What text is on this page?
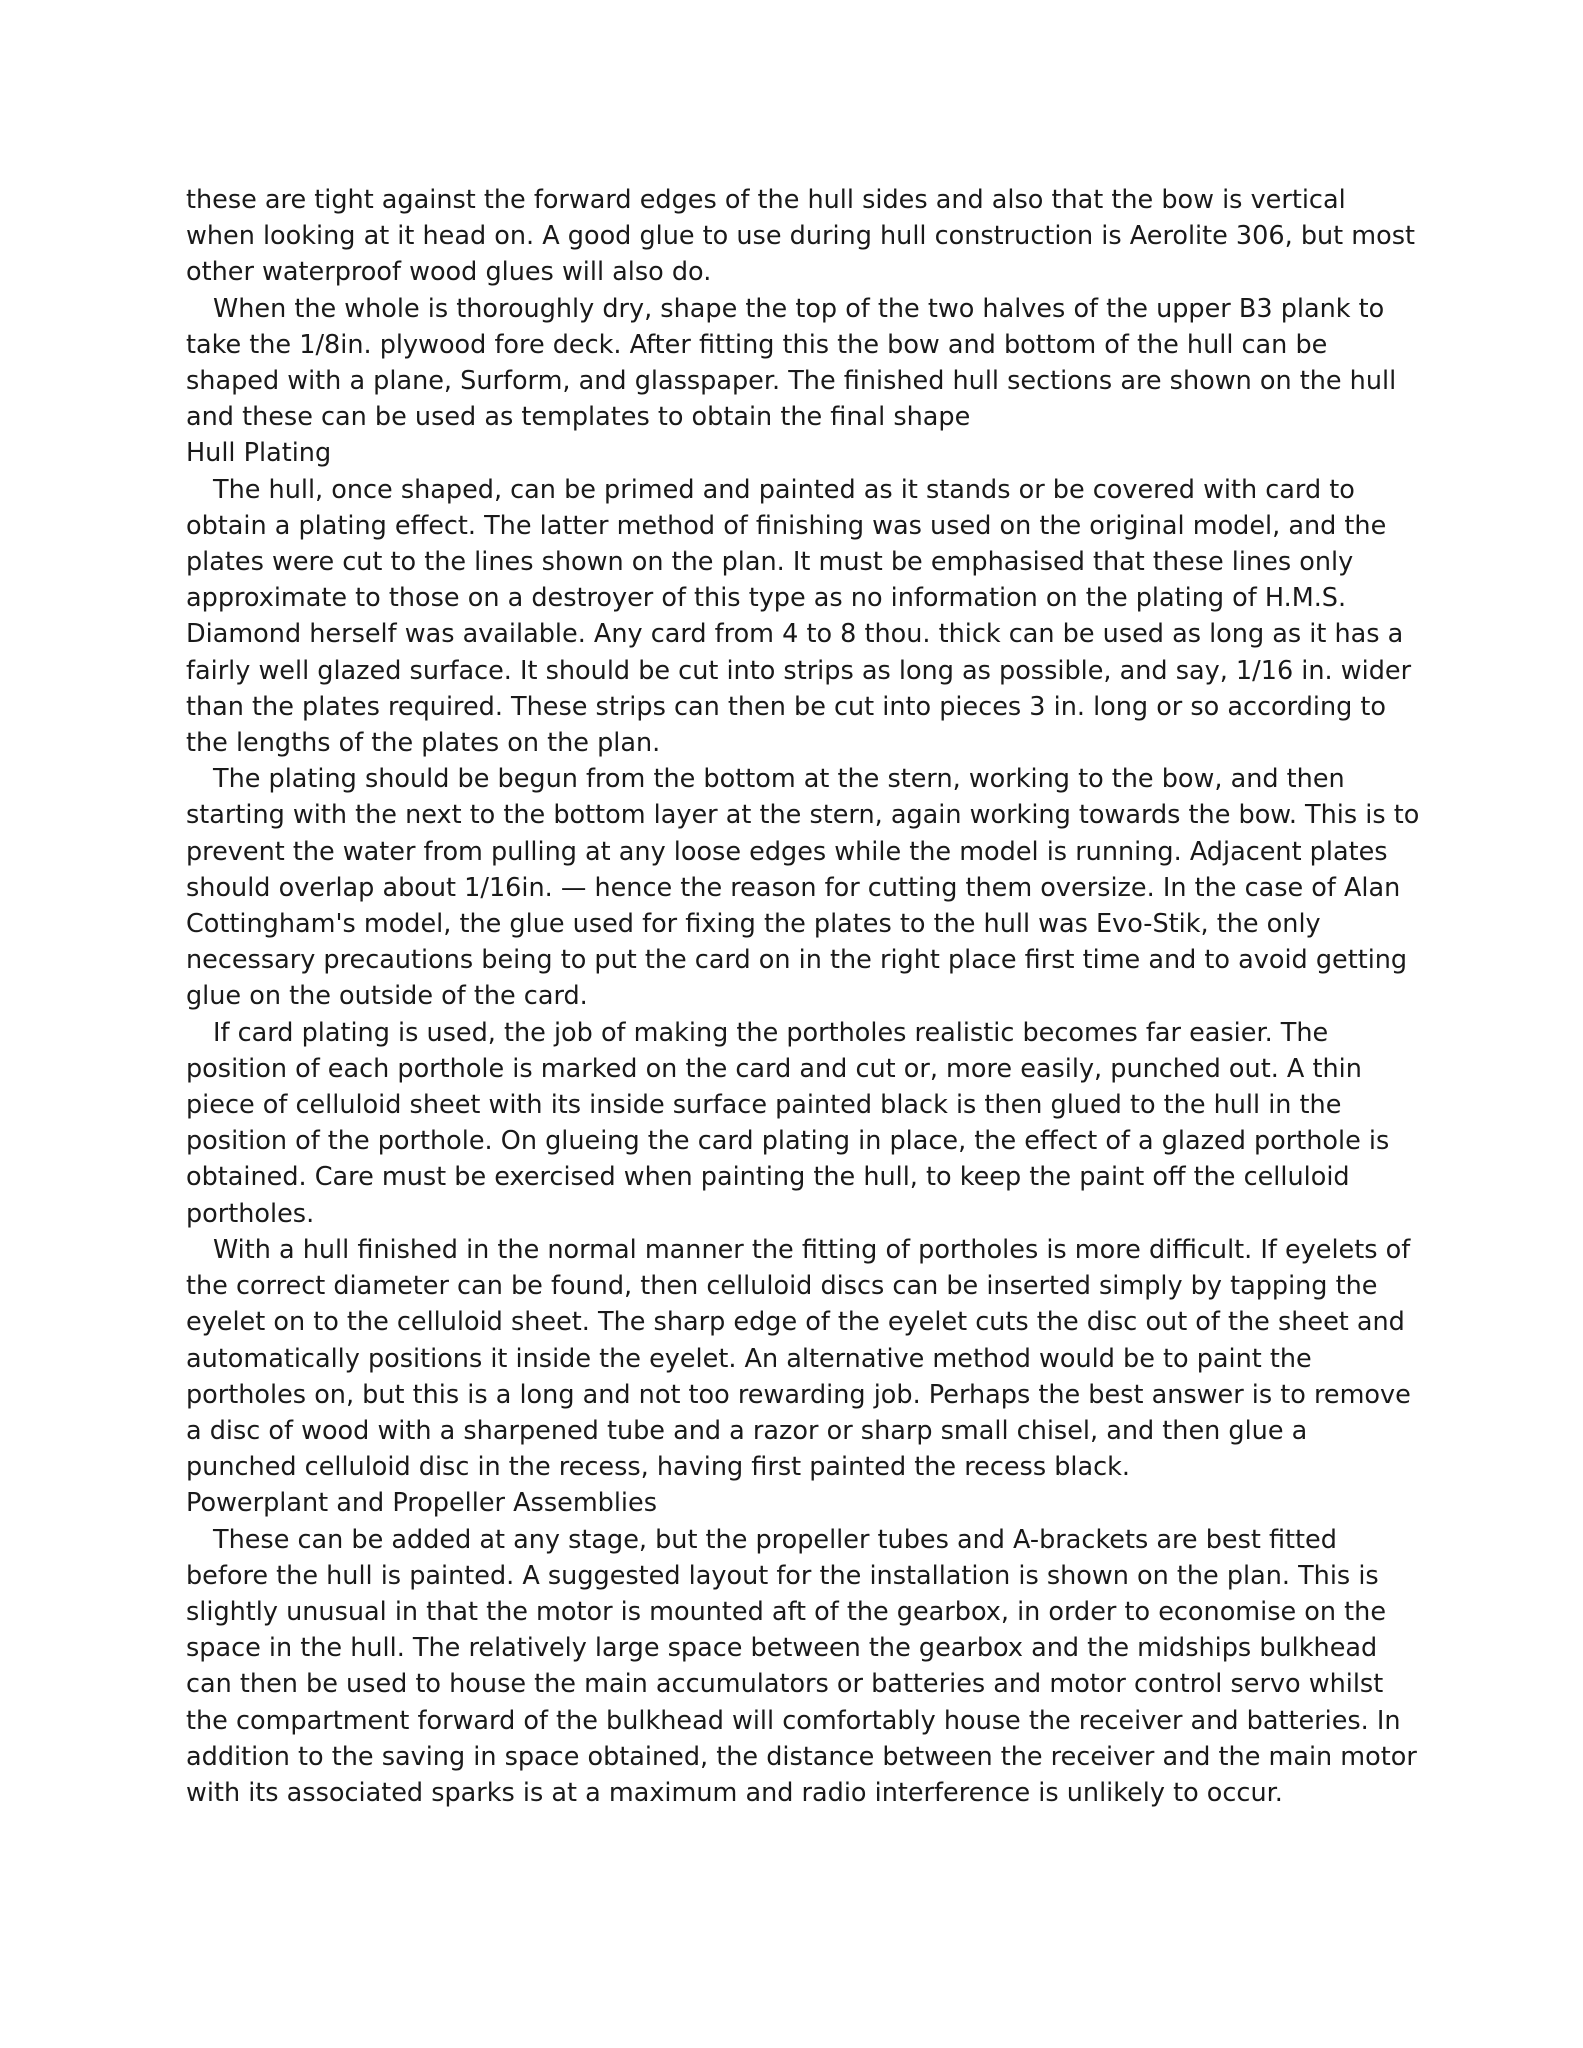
these are tight against the forward edges of the hull sides and also that the bow is vertical when looking at it head on. A good glue to use during hull construction is Aerolite 306, but most other waterproof wood glues will also do.

When the whole is thoroughly dry, shape the top of the two halves of the upper B3 plank to take the 1/8in. plywood fore deck. After fitting this the bow and bottom of the hull can be shaped with a plane, Surform, and glasspaper. The finished hull sections are shown on the hull and these can be used as templates to obtain the final shape

Hull Plating

The hull, once shaped, can be primed and painted as it stands or be covered with card to obtain a plating effect. The latter method of finishing was used on the original model, and the plates were cut to the lines shown on the plan. It must be emphasised that these lines only approximate to those on a destroyer of this type as no information on the plating of H.M.S. Diamond herself was available. Any card from 4 to 8 thou. thick can be used as long as it has a fairly well glazed surface. It should be cut into strips as long as possible, and say, 1/16 in. wider than the plates required. These strips can then be cut into pieces 3 in. long or so according to the lengths of the plates on the plan.

The plating should be begun from the bottom at the stern, working to the bow, and then starting with the next to the bottom layer at the stern, again working towards the bow. This is to prevent the water from pulling at any loose edges while the model is running. Adjacent plates should overlap about 1/16in. — hence the reason for cutting them oversize. In the case of Alan Cottingham's model, the glue used for fixing the plates to the hull was Evo-Stik, the only necessary precautions being to put the card on in the right place first time and to avoid getting glue on the outside of the card.

If card plating is used, the job of making the portholes realistic becomes far easier. The position of each porthole is marked on the card and cut or, more easily, punched out. A thin piece of celluloid sheet with its inside surface painted black is then glued to the hull in the position of the porthole. On glueing the card plating in place, the effect of a glazed porthole is obtained. Care must be exercised when painting the hull, to keep the paint off the celluloid portholes.

With a hull finished in the normal manner the fitting of portholes is more difficult. If eyelets of the correct diameter can be found, then celluloid discs can be inserted simply by tapping the eyelet on to the celluloid sheet. The sharp edge of the eyelet cuts the disc out of the sheet and automatically positions it inside the eyelet. An alternative method would be to paint the portholes on, but this is a long and not too rewarding job. Perhaps the best answer is to remove a disc of wood with a sharpened tube and a razor or sharp small chisel, and then glue a punched celluloid disc in the recess, having first painted the recess black.

Powerplant and Propeller Assemblies

These can be added at any stage, but the propeller tubes and A-brackets are best fitted before the hull is painted. A suggested layout for the installation is shown on the plan. This is slightly unusual in that the motor is mounted aft of the gearbox, in order to economise on the space in the hull. The relatively large space between the gearbox and the midships bulkhead can then be used to house the main accumulators or batteries and motor control servo whilst the compartment forward of the bulkhead will comfortably house the receiver and batteries. In addition to the saving in space obtained, the distance between the receiver and the main motor with its associated sparks is at a maximum and radio interference is unlikely to occur.
